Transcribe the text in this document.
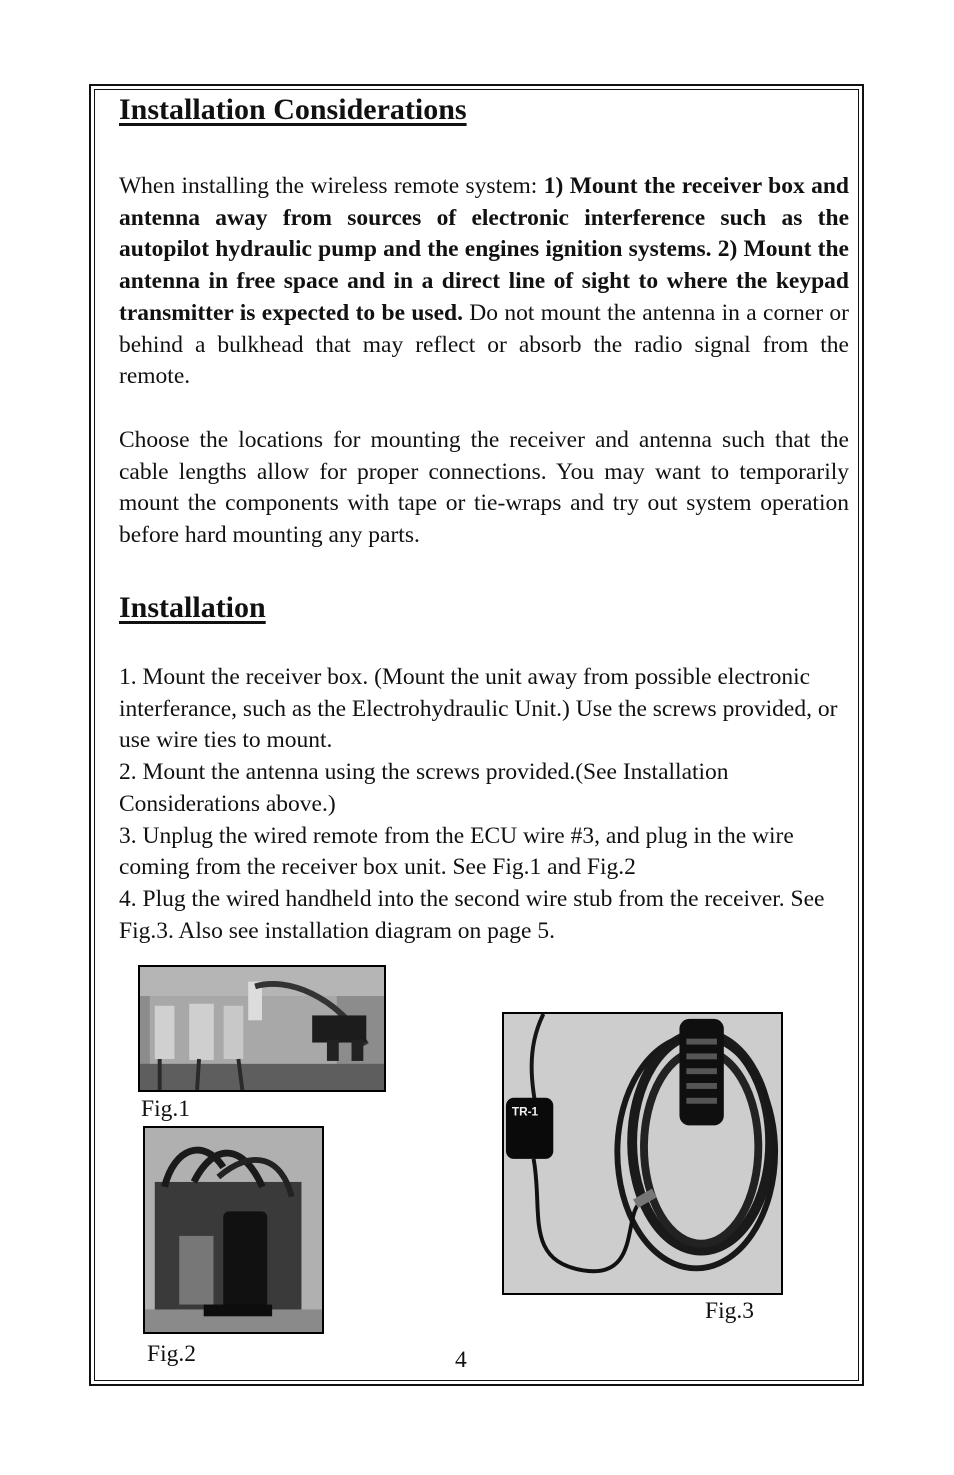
Installation Considerations

When installing the wireless remote system: 1) Mount the receiver box and antenna away from sources of electronic interference such as the autopilot hydraulic pump and the engines ignition systems. 2) Mount the antenna in free space and in a direct line of sight to where the keypad transmitter is expected to be used. Do not mount the antenna in a corner or behind a bulkhead that may reflect or absorb the radio signal from the remote.

Choose the locations for mounting the receiver and antenna such that the cable lengths allow for proper connections. You may want to temporarily mount the components with tape or tie-wraps and try out system operation before hard mounting any parts.

Installation
1. Mount the receiver box. (Mount the unit away from possible electronic interferance, such as the Electrohydraulic Unit.) Use the screws provided, or use wire ties to mount.
2. Mount the antenna using the screws provided.(See Installation Considerations above.)
3. Unplug the wired remote from the ECU wire #3, and plug in the wire coming from the receiver box unit. See Fig.1 and Fig.2
4. Plug the wired handheld into the second wire stub from the receiver. See Fig.3. Also see installation diagram on page 5.
Fig.1
Fig.2
TR-1
Fig.3
4
